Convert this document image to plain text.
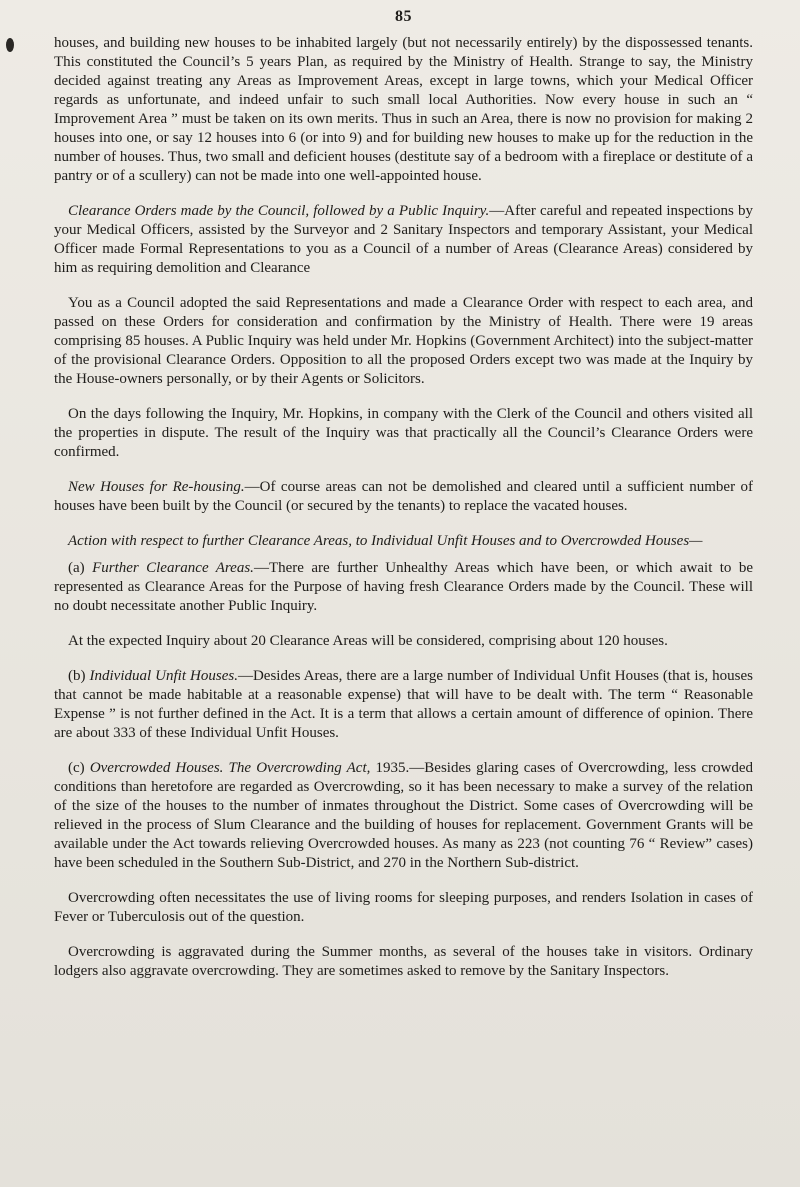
85

houses, and building new houses to be inhabited largely (but not necessarily entirely) by the dispossessed tenants. This constituted the Council’s 5 years Plan, as required by the Ministry of Health. Strange to say, the Ministry decided against treating any Areas as Improvement Areas, except in large towns, which your Medical Officer regards as unfortunate, and indeed unfair to such small local Authorities. Now every house in such an “ Improvement Area ” must be taken on its own merits. Thus in such an Area, there is now no provision for making 2 houses into one, or say 12 houses into 6 (or into 9) and for building new houses to make up for the reduction in the number of houses. Thus, two small and deficient houses (destitute say of a bedroom with a fireplace or destitute of a pantry or of a scullery) can not be made into one well-appointed house.

Clearance Orders made by the Council, followed by a Public Inquiry.—After careful and repeated inspections by your Medical Officers, assisted by the Surveyor and 2 Sanitary Inspectors and temporary Assistant, your Medical Officer made Formal Representations to you as a Council of a number of Areas (Clearance Areas) considered by him as requiring demolition and Clearance

You as a Council adopted the said Representations and made a Clearance Order with respect to each area, and passed on these Orders for consideration and confirmation by the Ministry of Health. There were 19 areas comprising 85 houses. A Public Inquiry was held under Mr. Hopkins (Government Architect) into the subject-matter of the provisional Clearance Orders. Opposition to all the proposed Orders except two was made at the Inquiry by the House-owners personally, or by their Agents or Solicitors.

On the days following the Inquiry, Mr. Hopkins, in company with the Clerk of the Council and others visited all the properties in dispute. The result of the Inquiry was that practically all the Council’s Clearance Orders were confirmed.

New Houses for Re-housing.—Of course areas can not be demolished and cleared until a sufficient number of houses have been built by the Council (or secured by the tenants) to replace the vacated houses.

Action with respect to further Clearance Areas, to Individual Unfit Houses and to Overcrowded Houses—

(a) Further Clearance Areas.—There are further Unhealthy Areas which have been, or which await to be represented as Clearance Areas for the Purpose of having fresh Clearance Orders made by the Council. These will no doubt necessitate another Public Inquiry.

At the expected Inquiry about 20 Clearance Areas will be considered, comprising about 120 houses.

(b) Individual Unfit Houses.—Desides Areas, there are a large number of Individual Unfit Houses (that is, houses that cannot be made habitable at a reasonable expense) that will have to be dealt with. The term “ Reasonable Expense ” is not further defined in the Act. It is a term that allows a certain amount of difference of opinion. There are about 333 of these Individual Unfit Houses.

(c) Overcrowded Houses. The Overcrowding Act, 1935.—Besides glaring cases of Overcrowding, less crowded conditions than heretofore are regarded as Overcrowding, so it has been necessary to make a survey of the relation of the size of the houses to the number of inmates throughout the District. Some cases of Overcrowding will be relieved in the process of Slum Clearance and the building of houses for replacement. Government Grants will be available under the Act towards relieving Overcrowded houses. As many as 223 (not counting 76 “ Review” cases) have been scheduled in the Southern Sub-District, and 270 in the Northern Sub-district.

Overcrowding often necessitates the use of living rooms for sleeping purposes, and renders Isolation in cases of Fever or Tuberculosis out of the question.

Overcrowding is aggravated during the Summer months, as several of the houses take in visitors. Ordinary lodgers also aggravate overcrowding. They are sometimes asked to remove by the Sanitary Inspectors.
